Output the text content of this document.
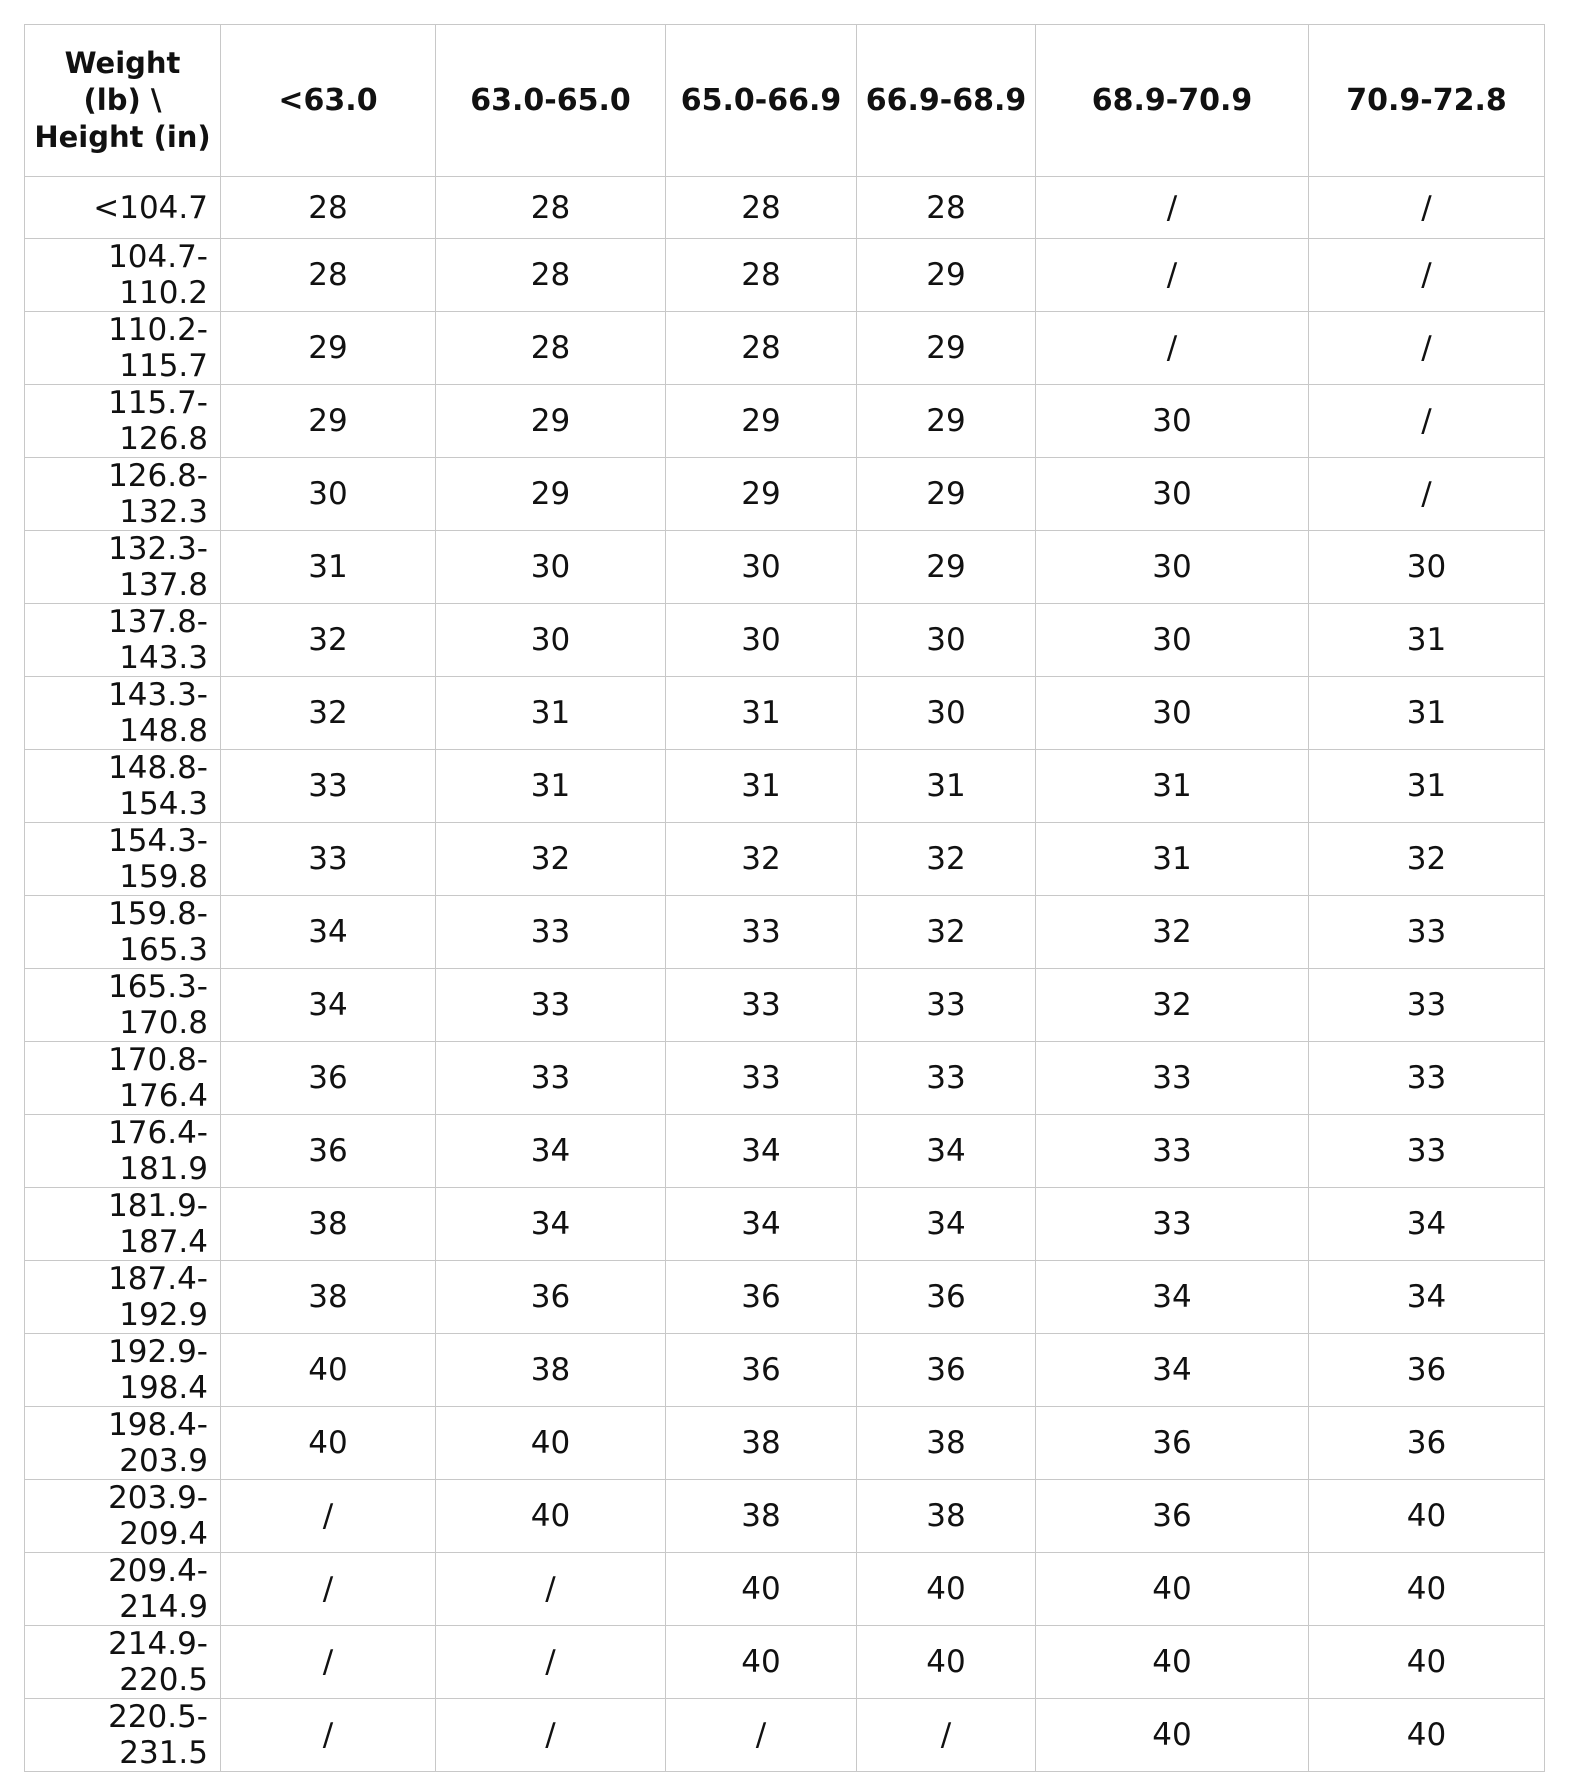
Weight
(lb) \
Height (in)	<63.0	63.0-65.0	65.0-66.9	66.9-68.9	68.9-70.9	70.9-72.8
<104.7	28	28	28	28	/	/
104.7-110.2	28	28	28	29	/	/
110.2-115.7	29	28	28	29	/	/
115.7-126.8	29	29	29	29	30	/
126.8-132.3	30	29	29	29	30	/
132.3-137.8	31	30	30	29	30	30
137.8-143.3	32	30	30	30	30	31
143.3-148.8	32	31	31	30	30	31
148.8-154.3	33	31	31	31	31	31
154.3-159.8	33	32	32	32	31	32
159.8-165.3	34	33	33	32	32	33
165.3-170.8	34	33	33	33	32	33
170.8-176.4	36	33	33	33	33	33
176.4-181.9	36	34	34	34	33	33
181.9-187.4	38	34	34	34	33	34
187.4-192.9	38	36	36	36	34	34
192.9-198.4	40	38	36	36	34	36
198.4-203.9	40	40	38	38	36	36
203.9-209.4	/	40	38	38	36	40
209.4-214.9	/	/	40	40	40	40
214.9-220.5	/	/	40	40	40	40
220.5-231.5	/	/	/	/	40	40
